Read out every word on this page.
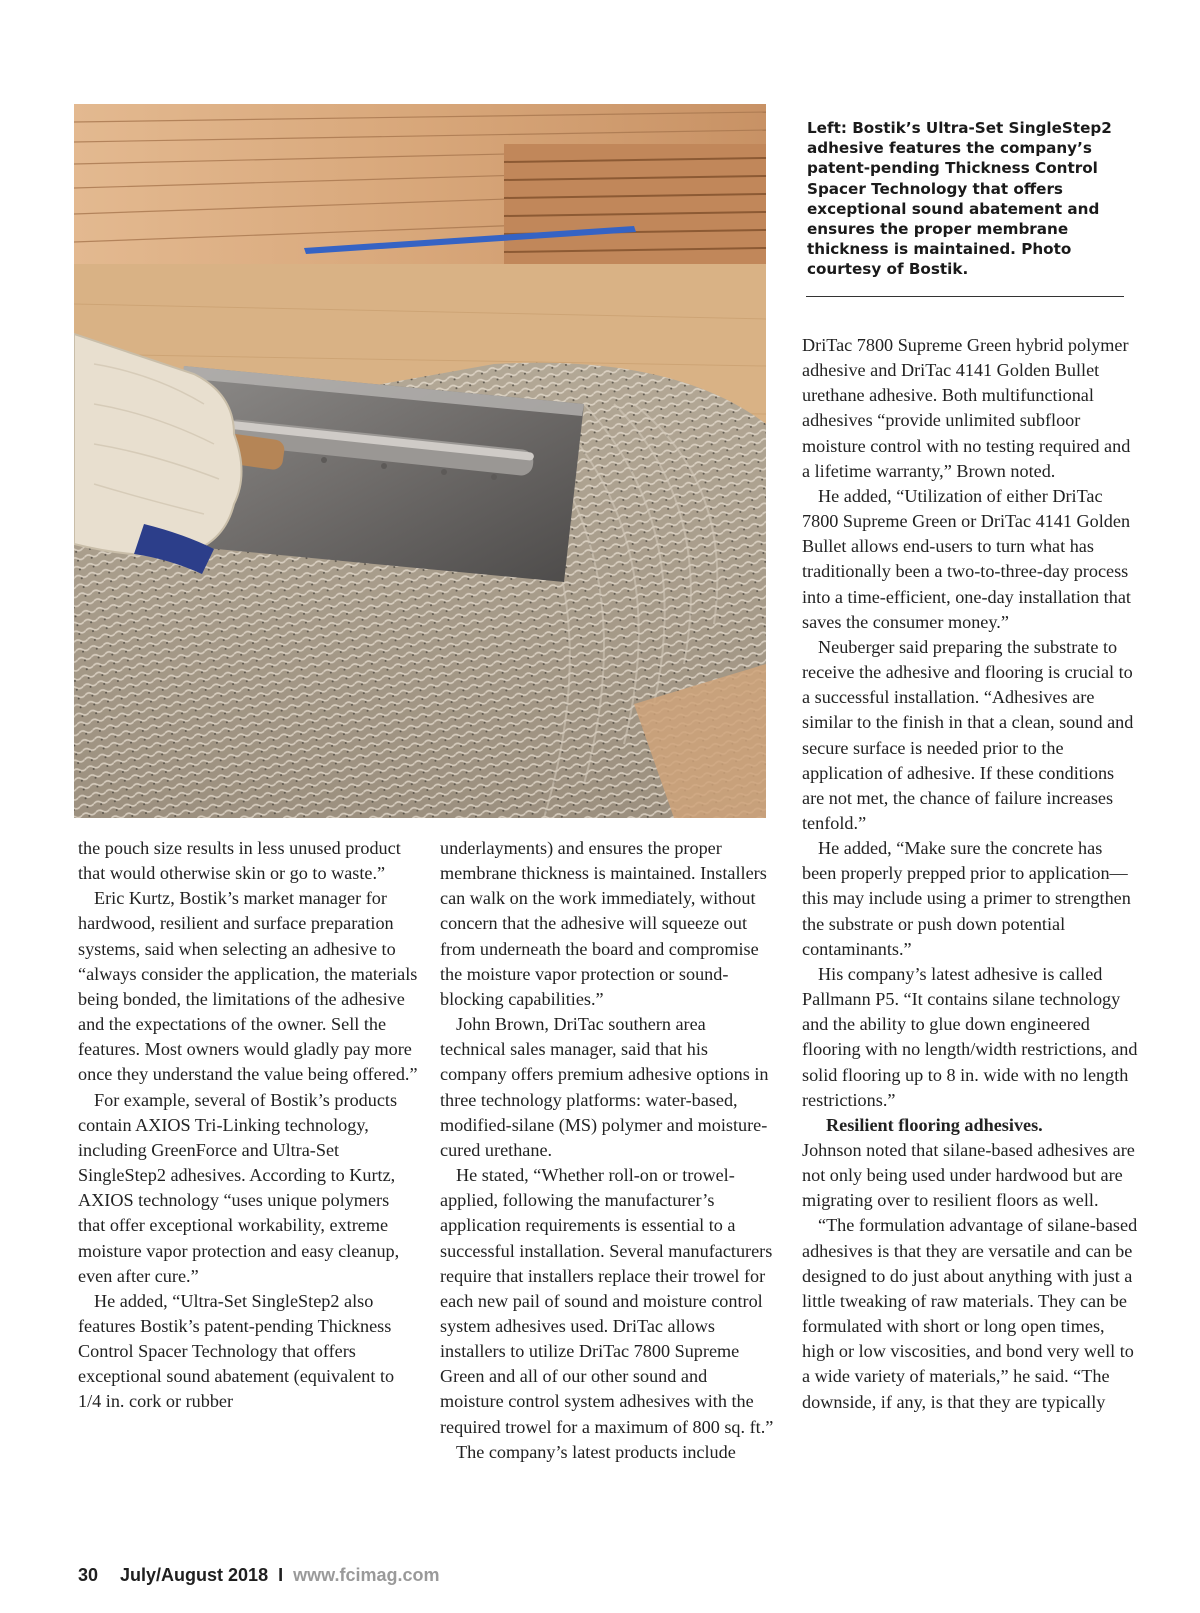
Left: Bostik’s Ultra-Set SingleStep2 adhesive features the company’s patent-pending Thickness Control Spacer Technology that offers exceptional sound abatement and ensures the proper membrane thickness is maintained. Photo courtesy of Bostik.

the pouch size results in less unused product that would otherwise skin or go to waste.”

Eric Kurtz, Bostik’s market manager for hardwood, resilient and surface preparation systems, said when selecting an adhesive to “always consider the application, the materials being bonded, the limitations of the adhesive and the expectations of the owner. Sell the features. Most owners would gladly pay more once they understand the value being offered.”

For example, several of Bostik’s products contain AXIOS Tri-Linking technology, including GreenForce and Ultra-Set SingleStep2 adhesives. According to Kurtz, AXIOS technology “uses unique polymers that offer exceptional workability, extreme moisture vapor protection and easy cleanup, even after cure.”

He added, “Ultra-Set SingleStep2 also features Bostik’s patent-pending Thickness Control Spacer Technology that offers exceptional sound abatement (equivalent to 1/4 in. cork or rubber

underlayments) and ensures the proper membrane thickness is maintained. Installers can walk on the work immediately, without concern that the adhesive will squeeze out from underneath the board and compromise the moisture vapor protection or sound-blocking capabilities.”

John Brown, DriTac southern area technical sales manager, said that his company offers premium adhesive options in three technology platforms: water-based, modified-silane (MS) polymer and moisture-cured urethane.

He stated, “Whether roll-on or trowel-applied, following the manufacturer’s application requirements is essential to a successful installation. Several manufacturers require that installers replace their trowel for each new pail of sound and moisture control system adhesives used. DriTac allows installers to utilize DriTac 7800 Supreme Green and all of our other sound and moisture control system adhesives with the required trowel for a maximum of 800 sq. ft.”

The company’s latest products include

DriTac 7800 Supreme Green hybrid polymer adhesive and DriTac 4141 Golden Bullet urethane adhesive. Both multifunctional adhesives “provide unlimited subfloor moisture control with no testing required and a lifetime warranty,” Brown noted.

He added, “Utilization of either DriTac 7800 Supreme Green or DriTac 4141 Golden Bullet allows end-users to turn what has traditionally been a two-to-three-day process into a time-efficient, one-day installation that saves the consumer money.”

Neuberger said preparing the substrate to receive the adhesive and flooring is crucial to a successful installation. “Adhesives are similar to the finish in that a clean, sound and secure surface is needed prior to the application of adhesive. If these conditions are not met, the chance of failure increases tenfold.”

He added, “Make sure the concrete has been properly prepped prior to application—this may include using a primer to strengthen the substrate or push down potential contaminants.”

His company’s latest adhesive is called Pallmann P5. “It contains silane technology and the ability to glue down engineered flooring with no length/width restrictions, and solid flooring up to 8 in. wide with no length restrictions.”

Resilient flooring adhesives.

Johnson noted that silane-based adhesives are not only being used under hardwood but are migrating over to resilient floors as well.

“The formulation advantage of silane-based adhesives is that they are versatile and can be designed to do just about anything with just a little tweaking of raw materials. They can be formulated with short or long open times, high or low viscosities, and bond very well to a wide variety of materials,” he said. “The downside, if any, is that they are typically

30 July/August 2018 I www.fcimag.com
